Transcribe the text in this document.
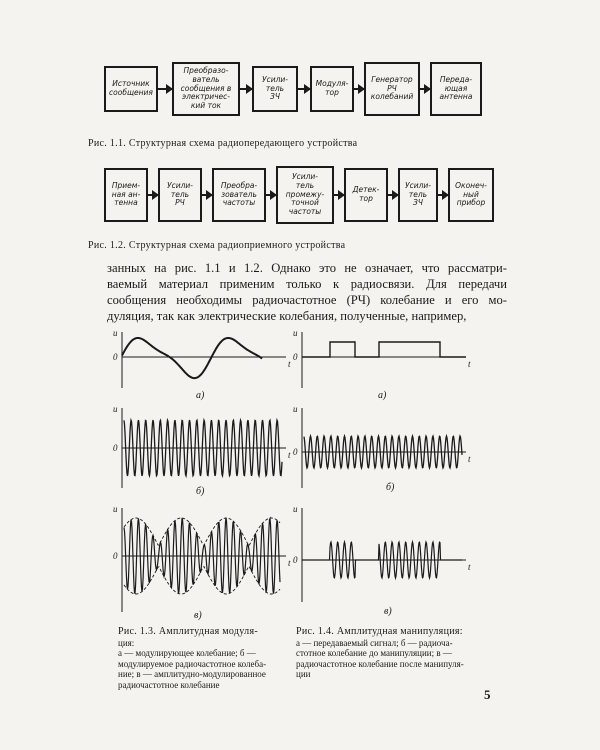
Источник
сообщения
Преобразо-
ватель
сообщения в
электричес-
кий ток
Усили-
тель
ЗЧ
Модуля-
тор
Генератор
РЧ
колебаний
Переда-
ющая
антенна
Рис. 1.1. Структурная схема радиопередающего устройства
Прием-
ная ан-
тенна
Усили-
тель
РЧ
Преобра-
зователь
частоты
Усили-
тель
промежу-
точной
частоты
Детек-
тор
Усили-
тель
ЗЧ
Оконеч-
ный
прибор
Рис. 1.2. Структурная схема радиоприемного устройства
занных на рис. 1.1 и 1.2. Однако это не означает, что рассматри-
ваемый материал применим только к радиосвязи. Для передачи
сообщения необходимы радиочастотное (РЧ) колебание и его мо-
дуляция, так как электрические колебания, полученные, например,
u
0
t
а)
u
0
t
а)
u
0
t
б)
u
0
t
б)
u
0
t
в)
u
0
t
в)
Рис. 1.3. Амплитудная модуля-
ция:
а — модулирующее колебание; б —
модулируемое радиочастотное колеба-
ние; в — амплитудно-модулированное
радиочастотное колебание
Рис. 1.4. Амплитудная манипуляция:
а — передаваемый сигнал; б — радиоча-
стотное колебание до манипуляции; в —
радиочастотное колебание после манипуля-
ции
5
